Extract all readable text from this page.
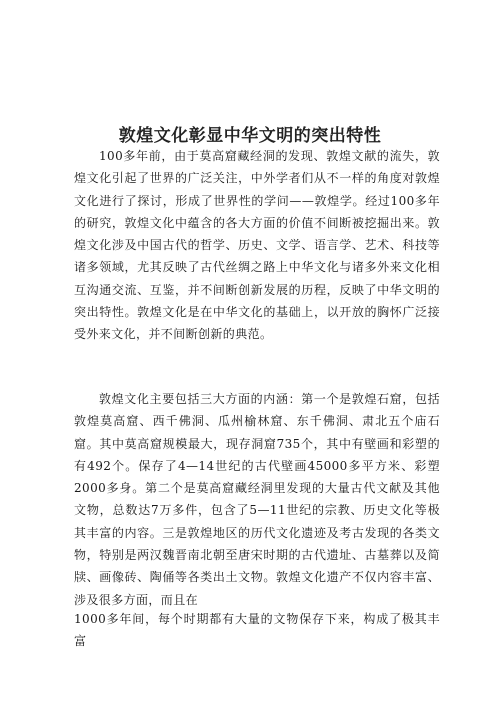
敦煌文化彰显中华文明的突出特性

100多年前，由于莫高窟藏经洞的发现、敦煌文献的流失，敦煌文化引起了世界的广泛关注，中外学者们从不一样的角度对敦煌文化进行了探讨，形成了世界性的学问——敦煌学。经过100多年的研究，敦煌文化中蕴含的各大方面的价值不间断被挖掘出来。敦煌文化涉及中国古代的哲学、历史、文学、语言学、艺术、科技等诸多领域，尤其反映了古代丝绸之路上中华文化与诸多外来文化相互沟通交流、互鉴，并不间断创新发展的历程，反映了中华文明的突出特性。敦煌文化是在中华文化的基础上，以开放的胸怀广泛接受外来文化，并不间断创新的典范。

敦煌文化主要包括三大方面的内涵：第一个是敦煌石窟，包括敦煌莫高窟、西千佛洞、瓜州榆林窟、东千佛洞、肃北五个庙石窟。其中莫高窟规模最大，现存洞窟735个，其中有壁画和彩塑的有492个。保存了4—14世纪的古代壁画45000多平方米、彩塑2000多身。第二个是莫高窟藏经洞里发现的大量古代文献及其他文物，总数达7万多件，包含了5—11世纪的宗教、历史文化等极其丰富的内容。三是敦煌地区的历代文化遗迹及考古发现的各类文物，特别是两汉魏晋南北朝至唐宋时期的古代遗址、古墓葬以及简牍、画像砖、陶俑等各类出土文物。敦煌文化遗产不仅内容丰富、涉及很多方面，而且在

1000多年间，每个时期都有大量的文物保存下来，构成了极其丰富
